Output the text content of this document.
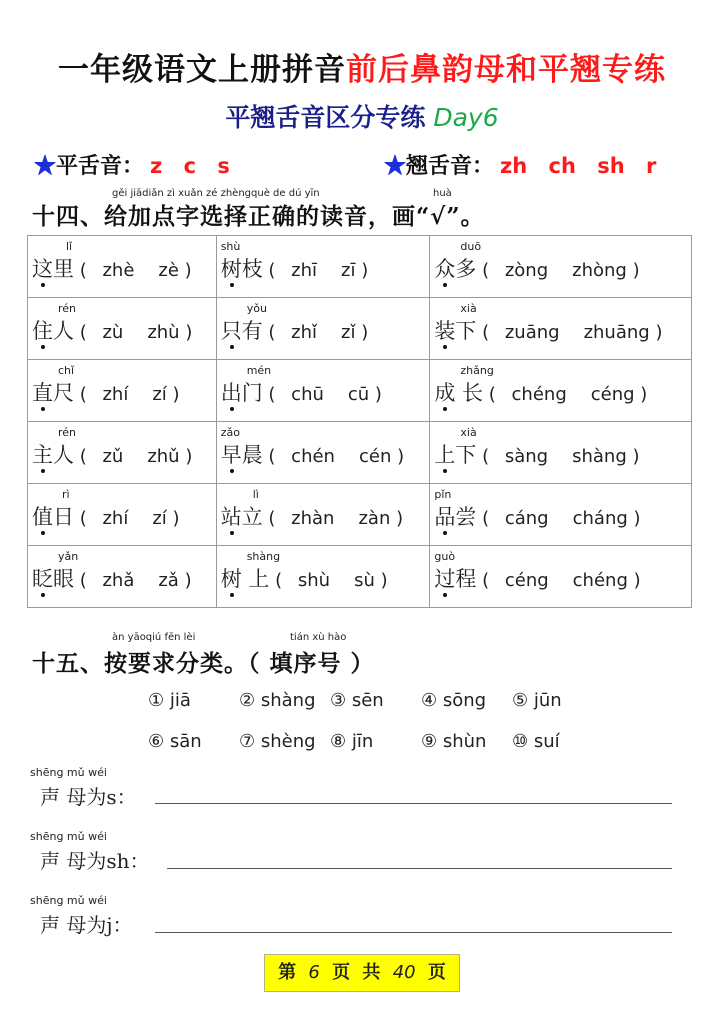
一年级语文上册拼音前后鼻韵母和平翘专练
平翘舌音区分专练 Day6
★平舌音： z c s	★翘舌音： zh ch sh r
gěi jiādiǎn zì xuǎn zé zhèngquè de dú yīn	huà
十四、给加点字选择正确的读音，画“√”。
lǐ
这里
( zhè zè )	shù
树枝
( zhī zī )	duō
众多
( zòng zhòng )

rén
住人
( zù zhù )	yǒu
只有
( zhǐ zǐ )	xià
装下
( zuāng zhuāng )

chǐ
直尺
( zhí zí )	mén
出门
( chū cū )	zhǎng
成 长
( chéng céng )

rén
主人
( zǔ zhǔ )	zǎo
早晨
( chén cén )	xià
上下
( sàng shàng )

rì
值日
( zhí zí )	lì
站立
( zhàn zàn )	pǐn
品尝
( cáng cháng )

yǎn
眨眼
( zhǎ zǎ )	shàng
树 上
( shù sù )	guò
过程
( céng chéng )
àn yāoqiú fēn lèi	tián xù hào
十五、按要求分类。（ 填序号 ）
① jiā	② shàng ③ sēn ④ sōng ⑤ jūn
⑥ sān ⑦ shèng ⑧ jīn	⑨ shùn ⑩ suí
shēng mǔ wéi
声 母为s：
shēng mǔ wéi
声 母为sh：
shēng mǔ wéi
声 母为j：
第 6 页 共 40 页
